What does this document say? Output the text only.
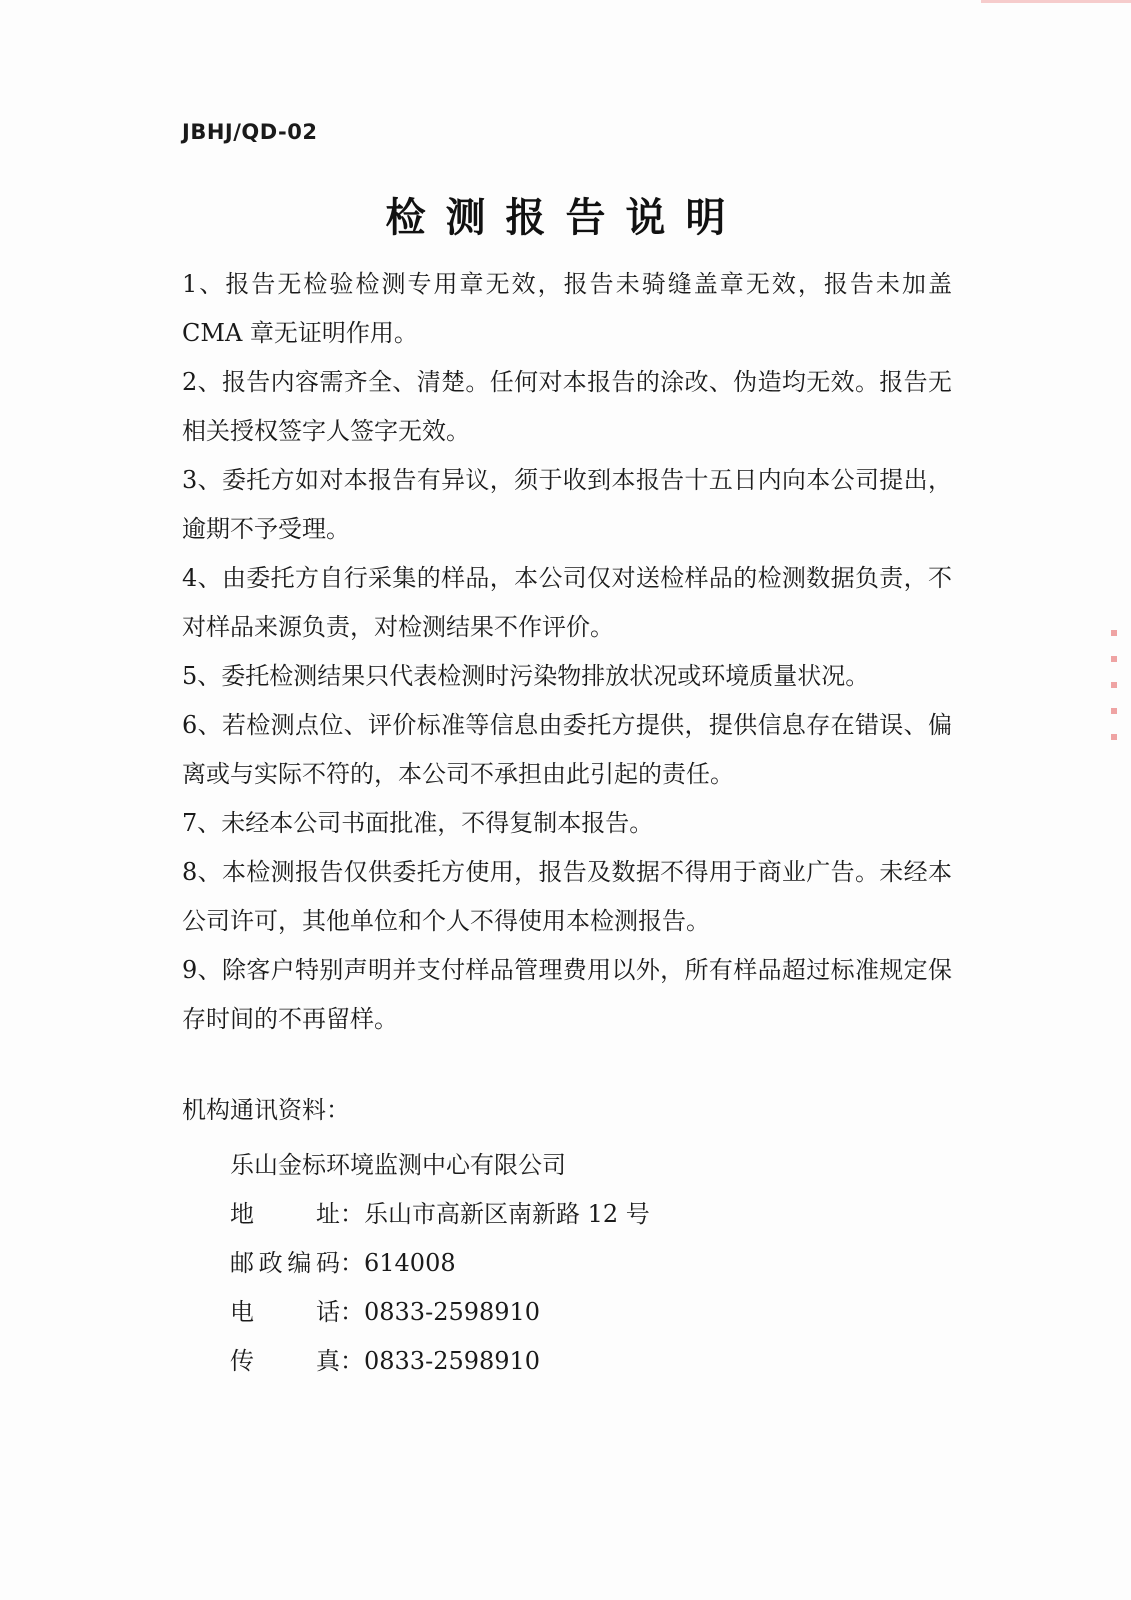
JBHJ/QD-02
检测报告说明

1、报告无检验检测专用章无效，报告未骑缝盖章无效，报告未加盖CMA 章无证明作用。

2、报告内容需齐全、清楚。任何对本报告的涂改、伪造均无效。报告无相关授权签字人签字无效。

3、委托方如对本报告有异议，须于收到本报告十五日内向本公司提出，逾期不予受理。

4、由委托方自行采集的样品，本公司仅对送检样品的检测数据负责，不对样品来源负责，对检测结果不作评价。

5、委托检测结果只代表检测时污染物排放状况或环境质量状况。

6、若检测点位、评价标准等信息由委托方提供，提供信息存在错误、偏离或与实际不符的，本公司不承担由此引起的责任。

7、未经本公司书面批准，不得复制本报告。

8、本检测报告仅供委托方使用，报告及数据不得用于商业广告。未经本公司许可，其他单位和个人不得使用本检测报告。

9、除客户特别声明并支付样品管理费用以外，所有样品超过标准规定保存时间的不再留样。

机构通讯资料：
乐山金标环境监测中心有限公司
地址：乐山市高新区南新路 12 号
邮政编码：614008
电话：0833-2598910
传真：0833-2598910
